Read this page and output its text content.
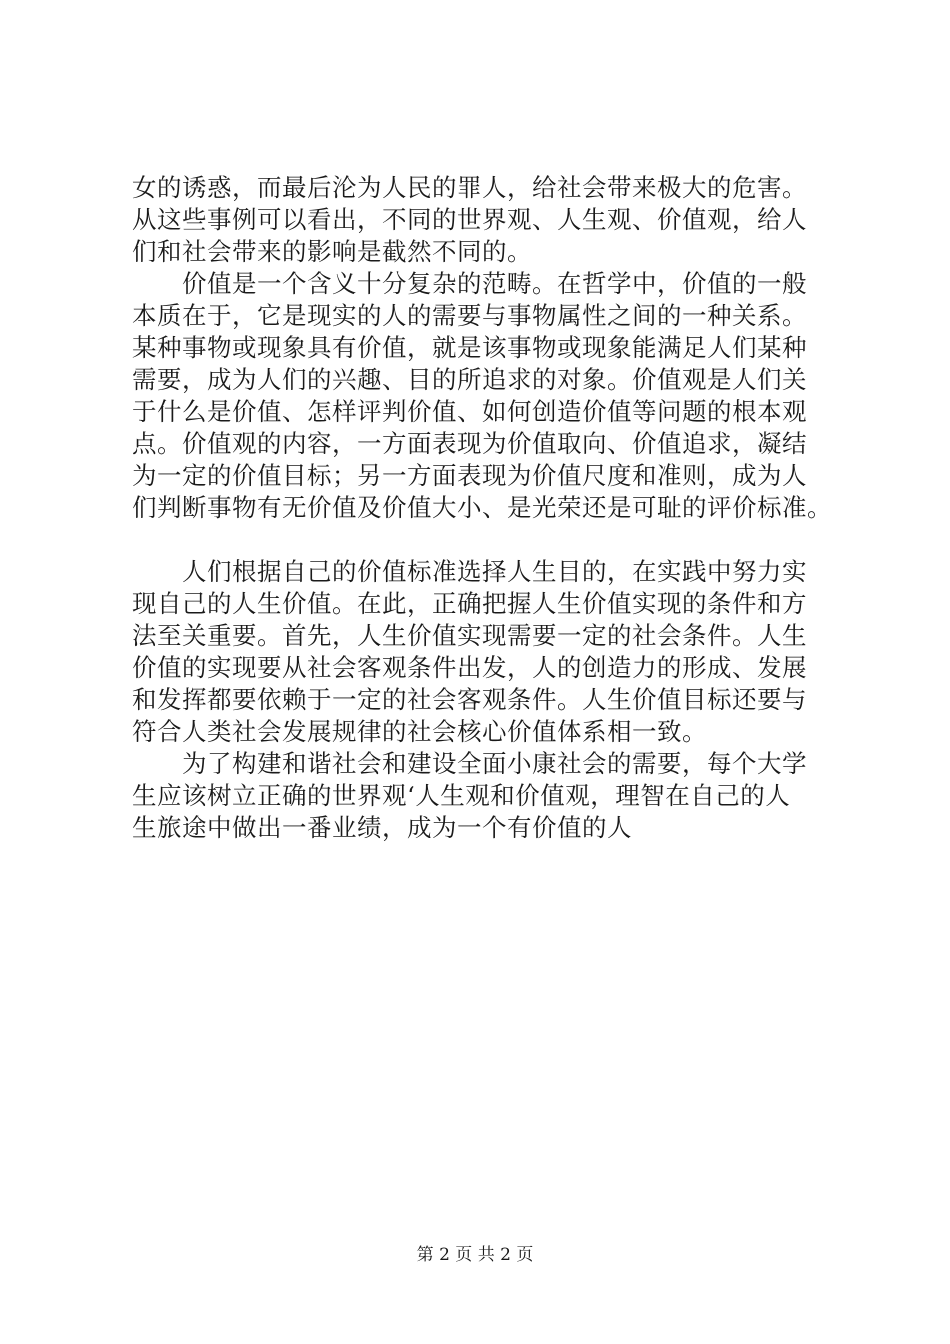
女的诱惑，而最后沦为人民的罪人，给社会带来极大的危害。
从这些事例可以看出，不同的世界观、人生观、价值观，给人
们和社会带来的影响是截然不同的。
价值是一个含义十分复杂的范畴。在哲学中，价值的一般
本质在于，它是现实的人的需要与事物属性之间的一种关系。
某种事物或现象具有价值，就是该事物或现象能满足人们某种
需要，成为人们的兴趣、目的所追求的对象。价值观是人们关
于什么是价值、怎样评判价值、如何创造价值等问题的根本观
点。价值观的内容，一方面表现为价值取向、价值追求，凝结
为一定的价值目标；另一方面表现为价值尺度和准则，成为人
们判断事物有无价值及价值大小、是光荣还是可耻的评价标准。
人们根据自己的价值标准选择人生目的，在实践中努力实
现自己的人生价值。在此，正确把握人生价值实现的条件和方
法至关重要。首先，人生价值实现需要一定的社会条件。人生
价值的实现要从社会客观条件出发，人的创造力的形成、发展
和发挥都要依赖于一定的社会客观条件。人生价值目标还要与
符合人类社会发展规律的社会核心价值体系相一致。
为了构建和谐社会和建设全面小康社会的需要，每个大学
生应该树立正确的世界观‘人生观和价值观，理智在自己的人
生旅途中做出一番业绩，成为一个有价值的人
第 2 页 共 2 页
